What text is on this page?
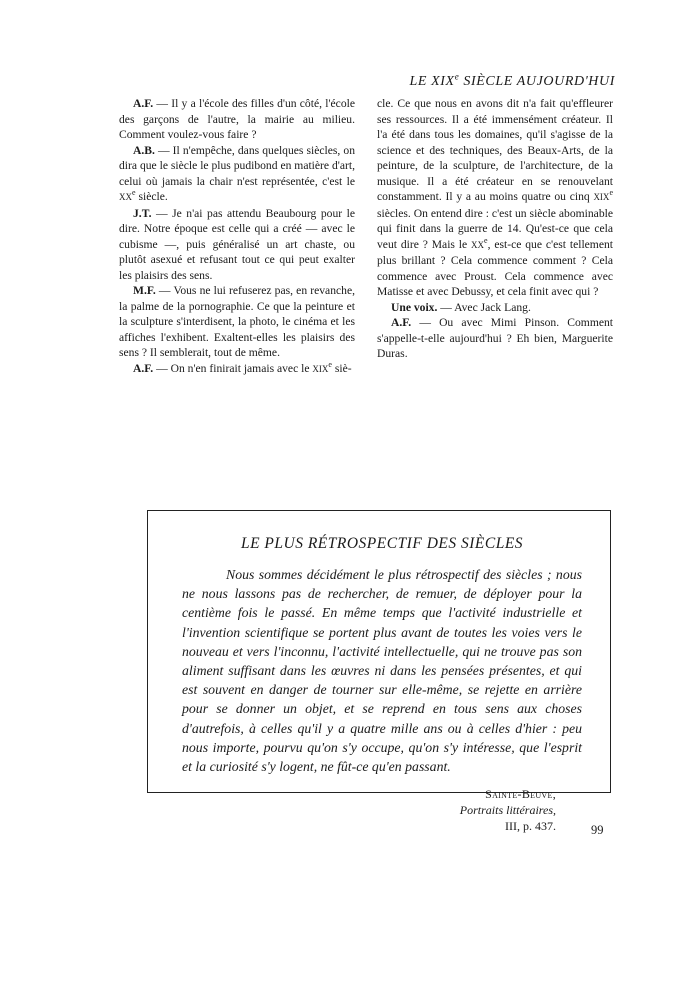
LE XIXe SIÈCLE AUJOURD'HUI

A.F. — Il y a l'école des filles d'un côté, l'école des garçons de l'autre, la mairie au milieu. Comment voulez-vous faire ?

A.B. — Il n'empêche, dans quelques siècles, on dira que le siècle le plus pudibond en matière d'art, celui où jamais la chair n'est représentée, c'est le XXe siècle.

J.T. — Je n'ai pas attendu Beaubourg pour le dire. Notre époque est celle qui a créé — avec le cubisme —, puis généralisé un art chaste, ou plutôt asexué et refusant tout ce qui peut exalter les plaisirs des sens.

M.F. — Vous ne lui refuserez pas, en revanche, la palme de la pornographie. Ce que la peinture et la sculpture s'interdisent, la photo, le cinéma et les affiches l'exhibent. Exaltent-elles les plaisirs des sens ? Il semblerait, tout de même.

A.F. — On n'en finirait jamais avec le XIXe siè-

cle. Ce que nous en avons dit n'a fait qu'effleurer ses ressources. Il a été immensément créateur. Il l'a été dans tous les domaines, qu'il s'agisse de la science et des techniques, des Beaux-Arts, de la peinture, de la sculpture, de l'architecture, de la musique. Il a été créateur en se renouvelant constamment. Il y a au moins quatre ou cinq XIXe siècles. On entend dire : c'est un siècle abominable qui finit dans la guerre de 14. Qu'est-ce que cela veut dire ? Mais le XXe, est-ce que c'est tellement plus brillant ? Cela commence comment ? Cela commence avec Proust. Cela commence avec Matisse et avec Debussy, et cela finit avec qui ?

Une voix. — Avec Jack Lang.

A.F. — Ou avec Mimi Pinson. Comment s'appelle-t-elle aujourd'hui ? Eh bien, Marguerite Duras.

LE PLUS RÉTROSPECTIF DES SIÈCLES

Nous sommes décidément le plus rétrospectif des siècles ; nous ne nous lassons pas de rechercher, de remuer, de déployer pour la centième fois le passé. En même temps que l'activité industrielle et l'invention scientifique se portent plus avant de toutes les voies vers le nouveau et vers l'inconnu, l'activité intellectuelle, qui ne trouve pas son aliment suffisant dans les œuvres ni dans les pensées présentes, et qui est souvent en danger de tourner sur elle-même, se rejette en arrière pour se donner un objet, et se reprend en tous sens aux choses d'autrefois, à celles qu'il y a quatre mille ans ou à celles d'hier : peu nous importe, pourvu qu'on s'y occupe, qu'on s'y intéresse, que l'esprit et la curiosité s'y logent, ne fût-ce qu'en passant.

Sainte-Beuve,
Portraits littéraires,
III, p. 437.	99
